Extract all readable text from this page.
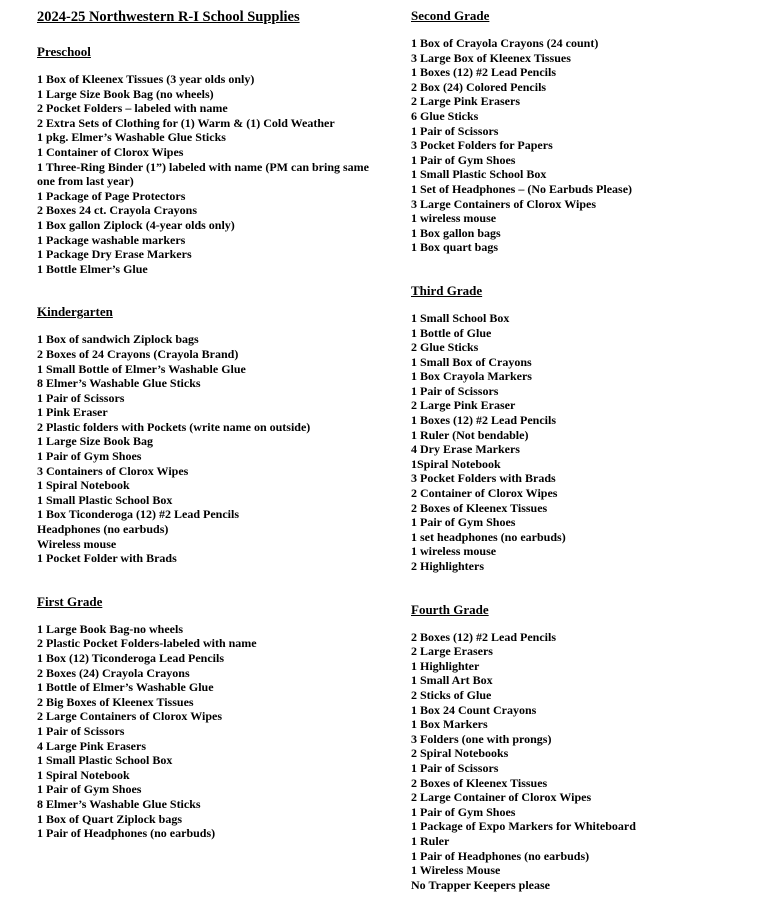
2024-25 Northwestern R-I School Supplies
Preschool
1 Box of Kleenex Tissues (3 year olds only)
1 Large Size Book Bag (no wheels)
2 Pocket Folders – labeled with name
2 Extra Sets of Clothing for (1) Warm & (1) Cold Weather
1 pkg. Elmer’s Washable Glue Sticks
1 Container of Clorox Wipes
1 Three-Ring Binder (1”) labeled with name (PM can bring same one from last year)
1 Package of Page Protectors
2 Boxes 24 ct. Crayola Crayons
1 Box gallon Ziplock (4-year olds only)
1 Package washable markers
1 Package Dry Erase Markers
1 Bottle Elmer’s Glue
Kindergarten
1 Box of sandwich Ziplock bags
2 Boxes of 24 Crayons (Crayola Brand)
1 Small Bottle of Elmer’s Washable Glue
8 Elmer’s Washable Glue Sticks
1 Pair of Scissors
1 Pink Eraser
2 Plastic folders with Pockets (write name on outside)
1 Large Size Book Bag
1 Pair of Gym Shoes
3 Containers of Clorox Wipes
1 Spiral Notebook
1 Small Plastic School Box
1 Box Ticonderoga (12) #2 Lead Pencils
Headphones (no earbuds)
Wireless mouse
1 Pocket Folder with Brads
First Grade
1 Large Book Bag-no wheels
2 Plastic Pocket Folders-labeled with name
1 Box (12) Ticonderoga Lead Pencils
2 Boxes (24) Crayola Crayons
1 Bottle of Elmer’s Washable Glue
2 Big Boxes of Kleenex Tissues
2 Large Containers of Clorox Wipes
1 Pair of Scissors
4 Large Pink Erasers
1 Small Plastic School Box
1 Spiral Notebook
1 Pair of Gym Shoes
8 Elmer’s Washable Glue Sticks
1 Box of Quart Ziplock bags
1 Pair of Headphones (no earbuds)
Second Grade
1 Box of Crayola Crayons (24 count)
3 Large Box of Kleenex Tissues
1 Boxes (12) #2 Lead Pencils
2 Box (24) Colored Pencils
2 Large Pink Erasers
6 Glue Sticks
1 Pair of Scissors
3 Pocket Folders for Papers
1 Pair of Gym Shoes
1 Small Plastic School Box
1 Set of Headphones – (No Earbuds Please)
3 Large Containers of Clorox Wipes
1 wireless mouse
1 Box gallon bags
1 Box quart bags
Third Grade
1 Small School Box
1 Bottle of Glue
2 Glue Sticks
1 Small Box of Crayons
1 Box Crayola Markers
1 Pair of Scissors
2 Large Pink Eraser
1 Boxes (12) #2 Lead Pencils
1 Ruler (Not bendable)
4 Dry Erase Markers
1Spiral Notebook
3 Pocket Folders with Brads
2 Container of Clorox Wipes
2 Boxes of Kleenex Tissues
1 Pair of Gym Shoes
1 set headphones (no earbuds)
1 wireless mouse
2 Highlighters
Fourth Grade
2 Boxes (12) #2 Lead Pencils
2 Large Erasers
1 Highlighter
1 Small Art Box
2 Sticks of Glue
1 Box 24 Count Crayons
1 Box Markers
3 Folders (one with prongs)
2 Spiral Notebooks
1 Pair of Scissors
2 Boxes of Kleenex Tissues
2 Large Container of Clorox Wipes
1 Pair of Gym Shoes
1 Package of Expo Markers for Whiteboard
1 Ruler
1 Pair of Headphones (no earbuds)
1 Wireless Mouse
No Trapper Keepers please
